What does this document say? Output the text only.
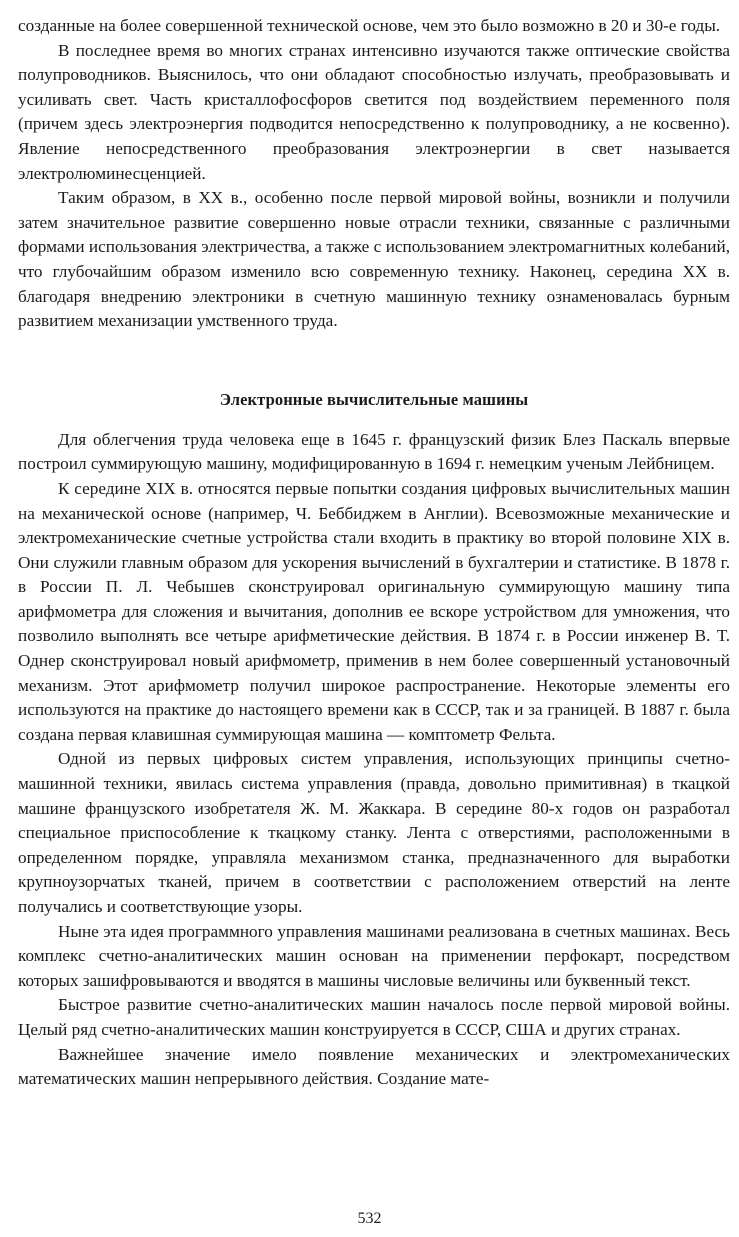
созданные на более совершенной технической основе, чем это было возможно в 20 и 30-е годы.

В последнее время во многих странах интенсивно изучаются также оптические свойства полупроводников. Выяснилось, что они обладают способностью излучать, преобразовывать и усиливать свет. Часть кристаллофосфоров светится под воздействием переменного поля (причем здесь электроэнергия подводится непосредственно к полупроводнику, а не косвенно). Явление непосредственного преобразования электроэнергии в свет называется электролюминесценцией.

Таким образом, в XX в., особенно после первой мировой войны, возникли и получили затем значительное развитие совершенно новые отрасли техники, связанные с различными формами использования электричества, а также с использованием электромагнитных колебаний, что глубочайшим образом изменило всю современную технику. Наконец, середина XX в. благодаря внедрению электроники в счетную машинную технику ознаменовалась бурным развитием механизации умственного труда.

Электронные вычислительные машины

Для облегчения труда человека еще в 1645 г. французский физик Блез Паскаль впервые построил суммирующую машину, модифицированную в 1694 г. немецким ученым Лейбницем.

К середине XIX в. относятся первые попытки создания цифровых вычислительных машин на механической основе (например, Ч. Беббиджем в Англии). Всевозможные механические и электромеханические счетные устройства стали входить в практику во второй половине XIX в. Они служили главным образом для ускорения вычислений в бухгалтерии и статистике. В 1878 г. в России П. Л. Чебышев сконструировал оригинальную суммирующую машину типа арифмометра для сложения и вычитания, дополнив ее вскоре устройством для умножения, что позволило выполнять все четыре арифметические действия. В 1874 г. в России инженер В. Т. Однер сконструировал новый арифмометр, применив в нем более совершенный установочный механизм. Этот арифмометр получил широкое распространение. Некоторые элементы его используются на практике до настоящего времени как в СССР, так и за границей. В 1887 г. была создана первая клавишная суммирующая машина — комптометр Фельта.

Одной из первых цифровых систем управления, использующих принципы счетно-машинной техники, явилась система управления (правда, довольно примитивная) в ткацкой машине французского изобретателя Ж. М. Жаккара. В середине 80-х годов он разработал специальное приспособление к ткацкому станку. Лента с отверстиями, расположенными в определенном порядке, управляла механизмом станка, предназначенного для выработки крупноузорчатых тканей, причем в соответствии с расположением отверстий на ленте получались и соответствующие узоры.

Ныне эта идея программного управления машинами реализована в счетных машинах. Весь комплекс счетно-аналитических машин основан на применении перфокарт, посредством которых зашифровываются и вводятся в машины числовые величины или буквенный текст.

Быстрое развитие счетно-аналитических машин началось после первой мировой войны. Целый ряд счетно-аналитических машин конструируется в СССР, США и других странах.

Важнейшее значение имело появление механических и электромеханических математических машин непрерывного действия. Создание мате-

532
